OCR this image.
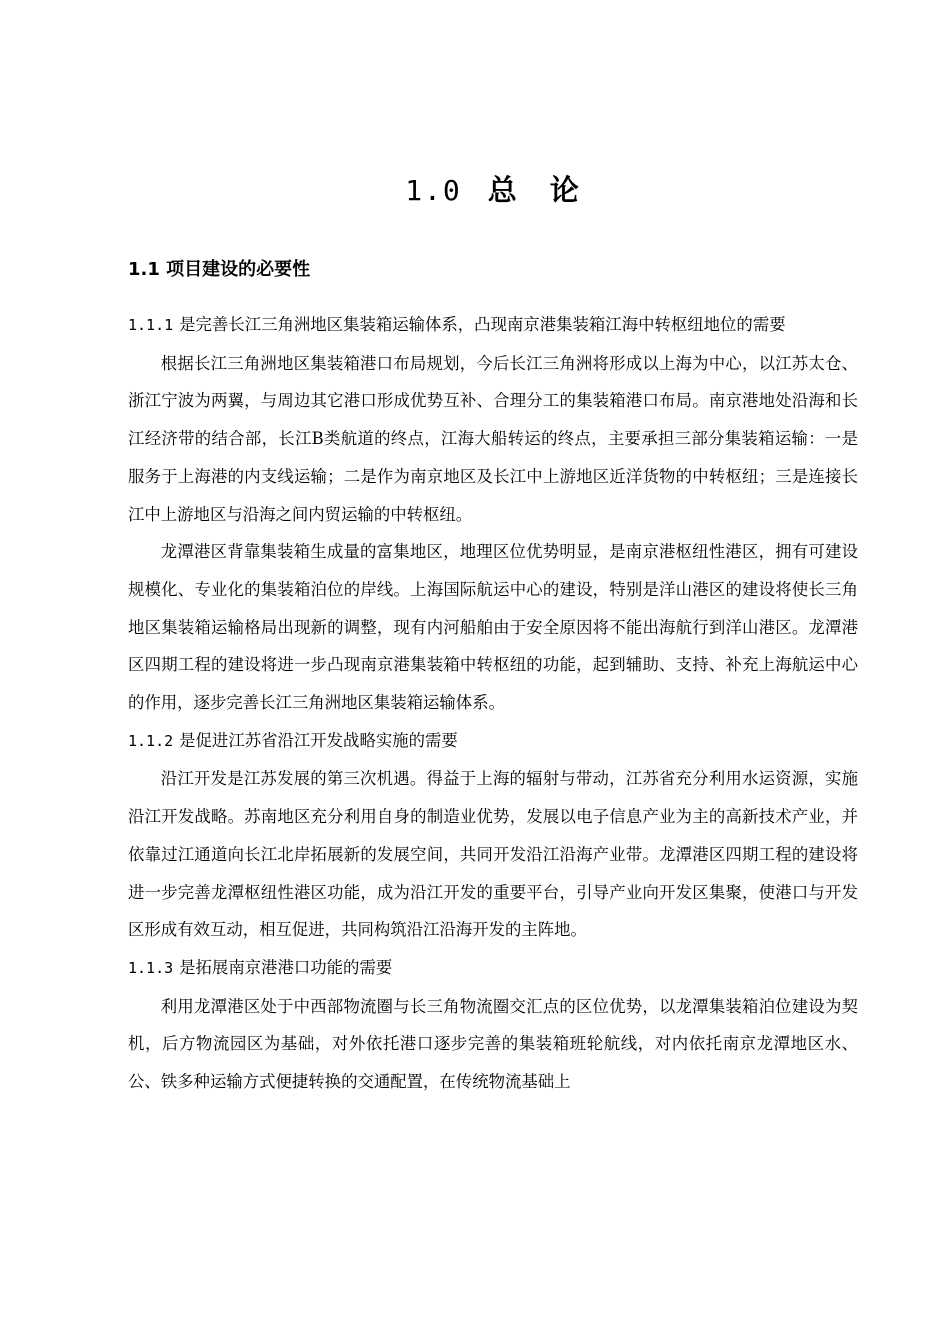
1.0 总　论
1.1 项目建设的必要性

1.1.1 是完善长江三角洲地区集装箱运输体系，凸现南京港集装箱江海中转枢纽地位的需要

根据长江三角洲地区集装箱港口布局规划，今后长江三角洲将形成以上海为中心，以江苏太仓、浙江宁波为两翼，与周边其它港口形成优势互补、合理分工的集装箱港口布局。南京港地处沿海和长江经济带的结合部，长江B类航道的终点，江海大船转运的终点，主要承担三部分集装箱运输：一是服务于上海港的内支线运输；二是作为南京地区及长江中上游地区近洋货物的中转枢纽；三是连接长江中上游地区与沿海之间内贸运输的中转枢纽。

龙潭港区背靠集装箱生成量的富集地区，地理区位优势明显，是南京港枢纽性港区，拥有可建设规模化、专业化的集装箱泊位的岸线。上海国际航运中心的建设，特别是洋山港区的建设将使长三角地区集装箱运输格局出现新的调整，现有内河船舶由于安全原因将不能出海航行到洋山港区。龙潭港区四期工程的建设将进一步凸现南京港集装箱中转枢纽的功能，起到辅助、支持、补充上海航运中心的作用，逐步完善长江三角洲地区集装箱运输体系。

1.1.2 是促进江苏省沿江开发战略实施的需要

沿江开发是江苏发展的第三次机遇。得益于上海的辐射与带动，江苏省充分利用水运资源，实施沿江开发战略。苏南地区充分利用自身的制造业优势，发展以电子信息产业为主的高新技术产业，并依靠过江通道向长江北岸拓展新的发展空间，共同开发沿江沿海产业带。龙潭港区四期工程的建设将进一步完善龙潭枢纽性港区功能，成为沿江开发的重要平台，引导产业向开发区集聚，使港口与开发区形成有效互动，相互促进，共同构筑沿江沿海开发的主阵地。

1.1.3 是拓展南京港港口功能的需要

利用龙潭港区处于中西部物流圈与长三角物流圈交汇点的区位优势，以龙潭集装箱泊位建设为契机，后方物流园区为基础，对外依托港口逐步完善的集装箱班轮航线，对内依托南京龙潭地区水、公、铁多种运输方式便捷转换的交通配置，在传统物流基础上
